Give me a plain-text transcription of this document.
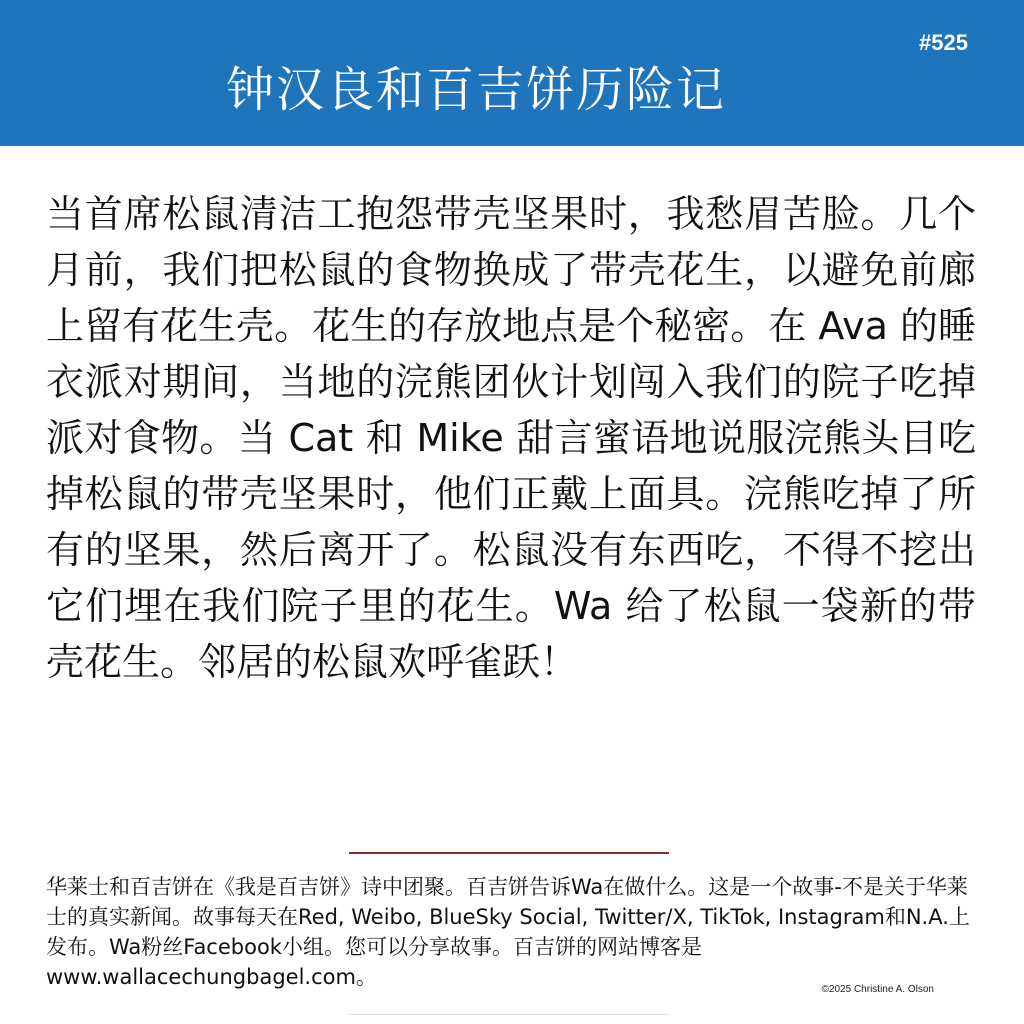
#525
钟汉良和百吉饼历险记

当首席松鼠清洁工抱怨带壳坚果时，我愁眉苦脸。几个月前，我们把松鼠的食物换成了带壳花生，以避免前廊上留有花生壳。花生的存放地点是个秘密。在 Ava 的睡衣派对期间，当地的浣熊团伙计划闯入我们的院子吃掉派对食物。当 Cat 和 Mike 甜言蜜语地说服浣熊头目吃掉松鼠的带壳坚果时，他们正戴上面具。浣熊吃掉了所有的坚果，然后离开了。松鼠没有东西吃，不得不挖出它们埋在我们院子里的花生。Wa 给了松鼠一袋新的带壳花生。邻居的松鼠欢呼雀跃！

华莱士和百吉饼在《我是百吉饼》诗中团聚。百吉饼告诉Wa在做什么。这是一个故事-不是关于华莱士的真实新闻。故事每天在Red, Weibo, BlueSky Social, Twitter/X, TikTok, Instagram和N.A.上发布。Wa粉丝Facebook小组。您可以分享故事。百吉饼的网站博客是www.wallacechungbagel.com。

©2025 Christine A. Olson
